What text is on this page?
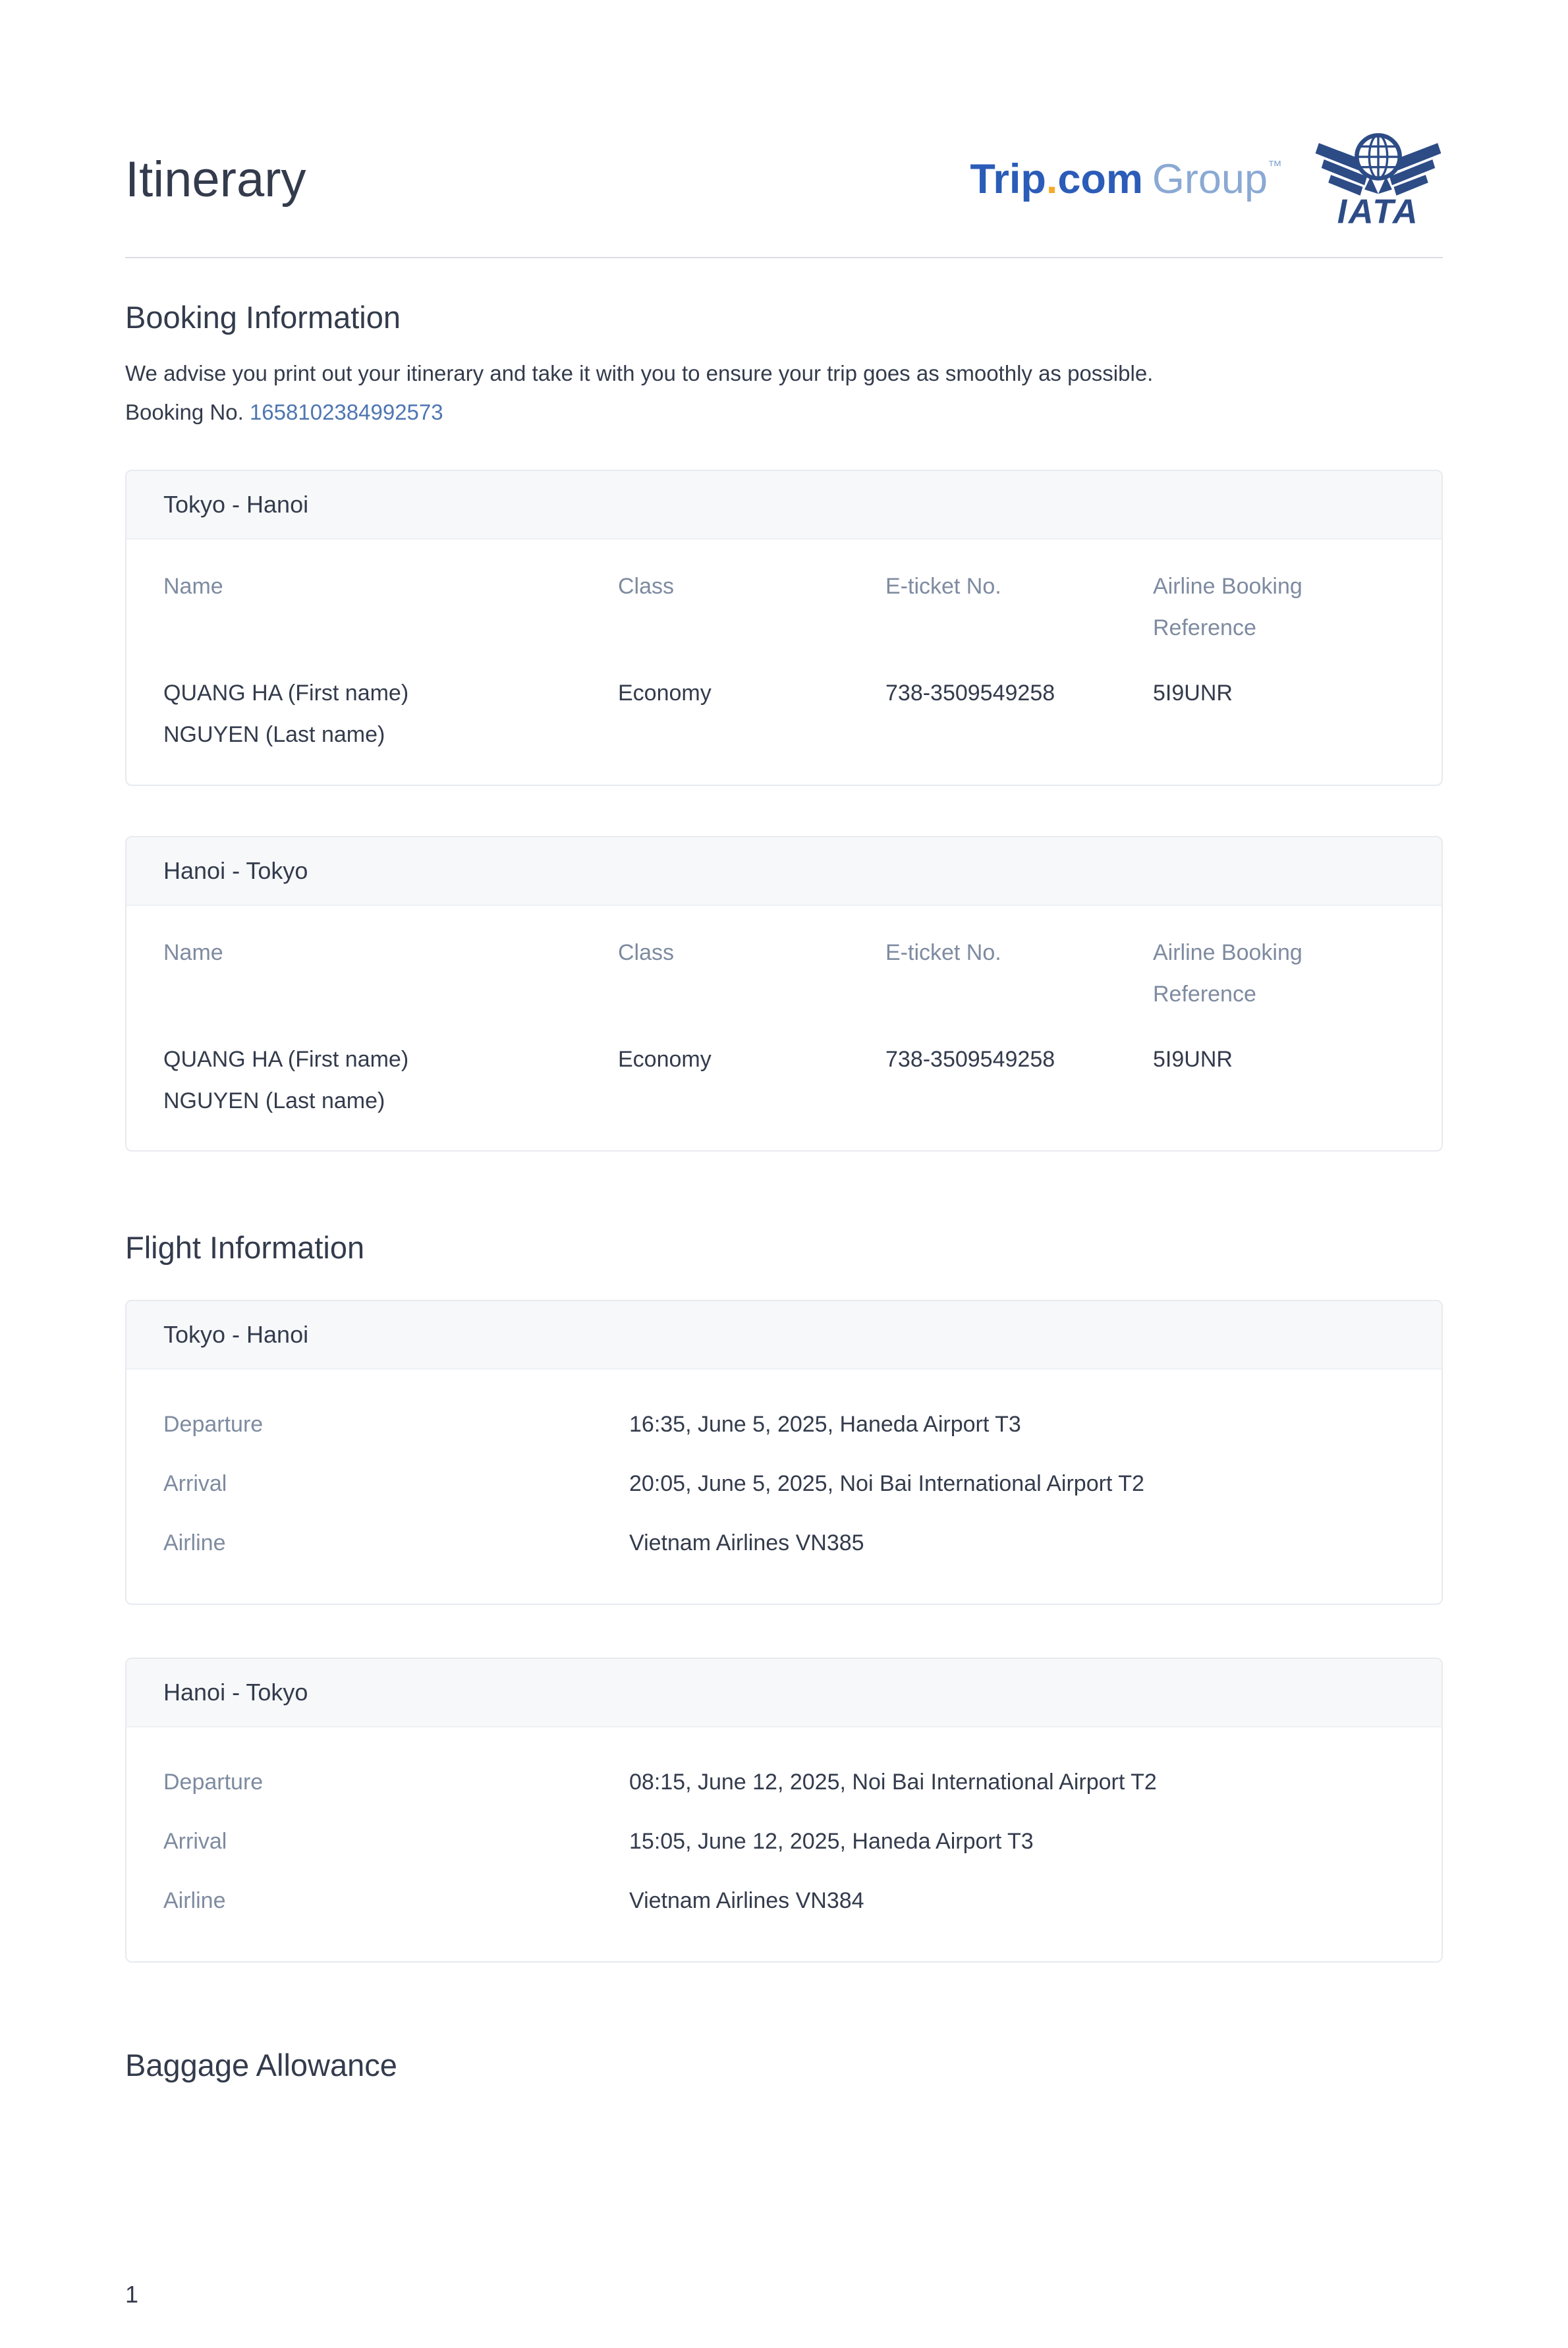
Itinerary	Trip.com Group™
IATA
Booking Information

We advise you print out your itinerary and take it with you to ensure your trip goes as smoothly as possible.

Booking No. 1658102384992573
Tokyo - Hanoi
Name	Class	E-ticket No.	Airline Booking Reference
QUANG HA (First name)
NGUYEN (Last name)
Economy	738-3509549258	5I9UNR
Hanoi - Tokyo
Name	Class	E-ticket No.	Airline Booking Reference
QUANG HA (First name)
NGUYEN (Last name)
Economy	738-3509549258	5I9UNR
Flight Information
Tokyo - Hanoi
Departure	16:35, June 5, 2025, Haneda Airport T3
Arrival	20:05, June 5, 2025, Noi Bai International Airport T2
Airline	Vietnam Airlines VN385
Hanoi - Tokyo
Departure	08:15, June 12, 2025, Noi Bai International Airport T2
Arrival	15:05, June 12, 2025, Haneda Airport T3
Airline	Vietnam Airlines VN384
Baggage Allowance
1
